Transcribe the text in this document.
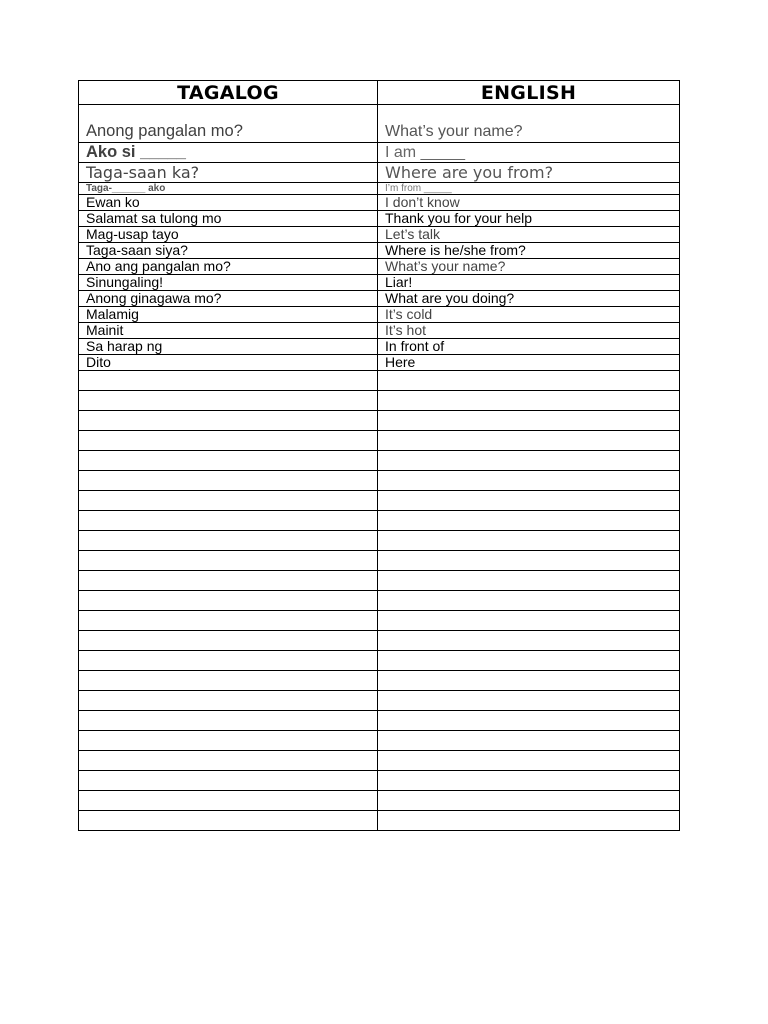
TAGALOG	ENGLISH
Anong pangalan mo?	What’s your name?
Ako si _____	I am _____
Taga-saan ka?	Where are you from?
Taga-______ ako	I’m from _____
Ewan ko	I don’t know
Salamat sa tulong mo	Thank you for your help
Mag-usap tayo	Let’s talk
Taga-saan siya?	Where is he/she from?
Ano ang pangalan mo?	What’s your name?
Sinungaling!	Liar!
Anong ginagawa mo?	What are you doing?
Malamig	It’s cold
Mainit	It’s hot
Sa harap ng	In front of
Dito	Here
